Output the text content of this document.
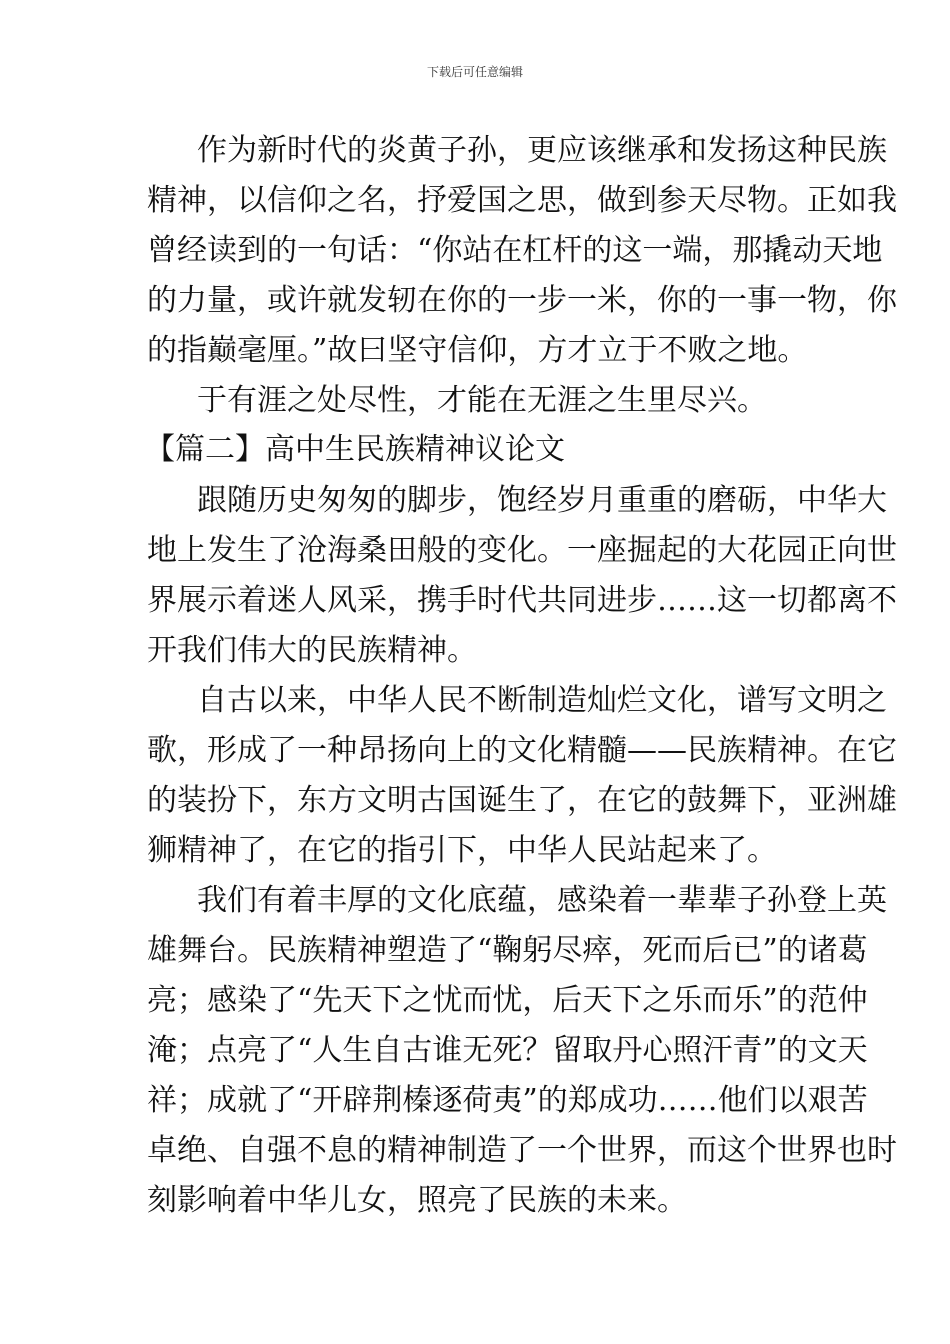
下载后可任意编辑
作为新时代的炎黄子孙，更应该继承和发扬这种民族
精神，以信仰之名，抒爱国之思，做到参天尽物。正如我
曾经读到的一句话：“你站在杠杆的这一端，那撬动天地
的力量，或许就发轫在你的一步一米，你的一事一物，你
的指巅毫厘。”故曰坚守信仰，方才立于不败之地。
于有涯之处尽性，才能在无涯之生里尽兴。
【篇二】高中生民族精神议论文
跟随历史匆匆的脚步，饱经岁月重重的磨砺，中华大
地上发生了沧海桑田般的变化。一座掘起的大花园正向世
界展示着迷人风采，携手时代共同进步……这一切都离不
开我们伟大的民族精神。
自古以来，中华人民不断制造灿烂文化，谱写文明之
歌，形成了一种昂扬向上的文化精髓——民族精神。在它
的装扮下，东方文明古国诞生了，在它的鼓舞下，亚洲雄
狮精神了，在它的指引下，中华人民站起来了。
我们有着丰厚的文化底蕴，感染着一辈辈子孙登上英
雄舞台。民族精神塑造了“鞠躬尽瘁，死而后已”的诸葛
亮；感染了“先天下之忧而忧，后天下之乐而乐”的范仲
淹；点亮了“人生自古谁无死？留取丹心照汗青”的文天
祥；成就了“开辟荆榛逐荷夷”的郑成功……他们以艰苦
卓绝、自强不息的精神制造了一个世界，而这个世界也时
刻影响着中华儿女，照亮了民族的未来。
